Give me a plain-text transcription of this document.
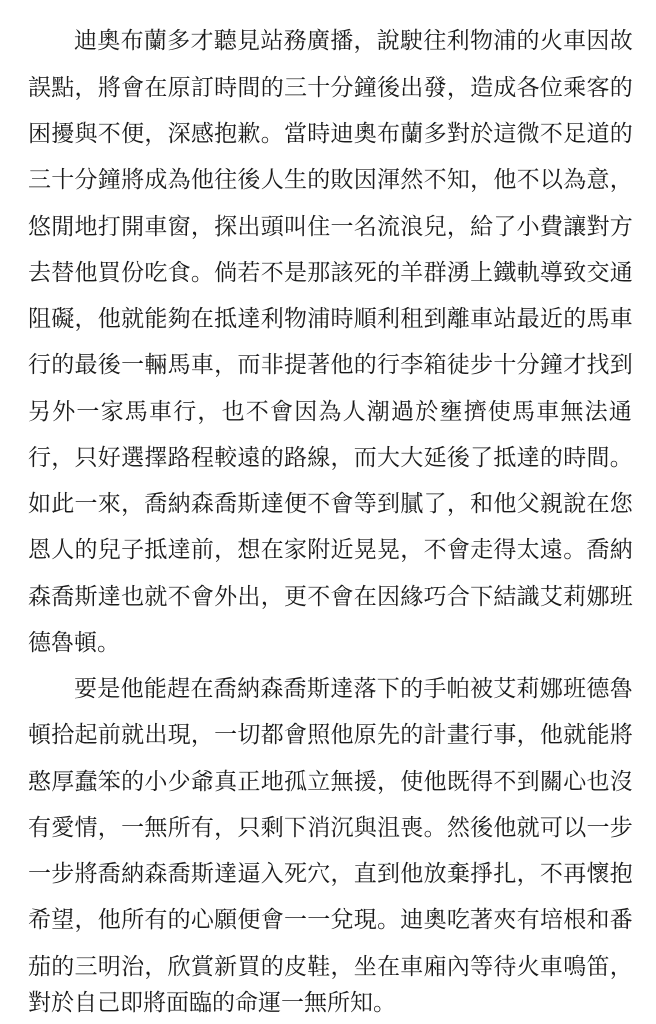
迪奧布蘭多才聽見站務廣播，說駛往利物浦的火車因故
誤點，將會在原訂時間的三十分鐘後出發，造成各位乘客的
困擾與不便，深感抱歉。當時迪奧布蘭多對於這微不足道的
三十分鐘將成為他往後人生的敗因渾然不知，他不以為意，
悠閒地打開車窗，探出頭叫住一名流浪兒，給了小費讓對方
去替他買份吃食。倘若不是那該死的羊群湧上鐵軌導致交通
阻礙，他就能夠在抵達利物浦時順利租到離車站最近的馬車
行的最後一輛馬車，而非提著他的行李箱徒步十分鐘才找到
另外一家馬車行，也不會因為人潮過於壅擠使馬車無法通
行，只好選擇路程較遠的路線，而大大延後了抵達的時間。
如此一來，喬納森喬斯達便不會等到膩了，和他父親說在您
恩人的兒子抵達前，想在家附近晃晃，不會走得太遠。喬納
森喬斯達也就不會外出，更不會在因緣巧合下結識艾莉娜班
德魯頓。
要是他能趕在喬納森喬斯達落下的手帕被艾莉娜班德魯
頓拾起前就出現，一切都會照他原先的計畫行事，他就能將
憨厚蠢笨的小少爺真正地孤立無援，使他既得不到關心也沒
有愛情，一無所有，只剩下消沉與沮喪。然後他就可以一步
一步將喬納森喬斯達逼入死穴，直到他放棄掙扎，不再懷抱
希望，他所有的心願便會一一兌現。迪奧吃著夾有培根和番
茄的三明治，欣賞新買的皮鞋，坐在車廂內等待火車鳴笛，
對於自己即將面臨的命運一無所知。
